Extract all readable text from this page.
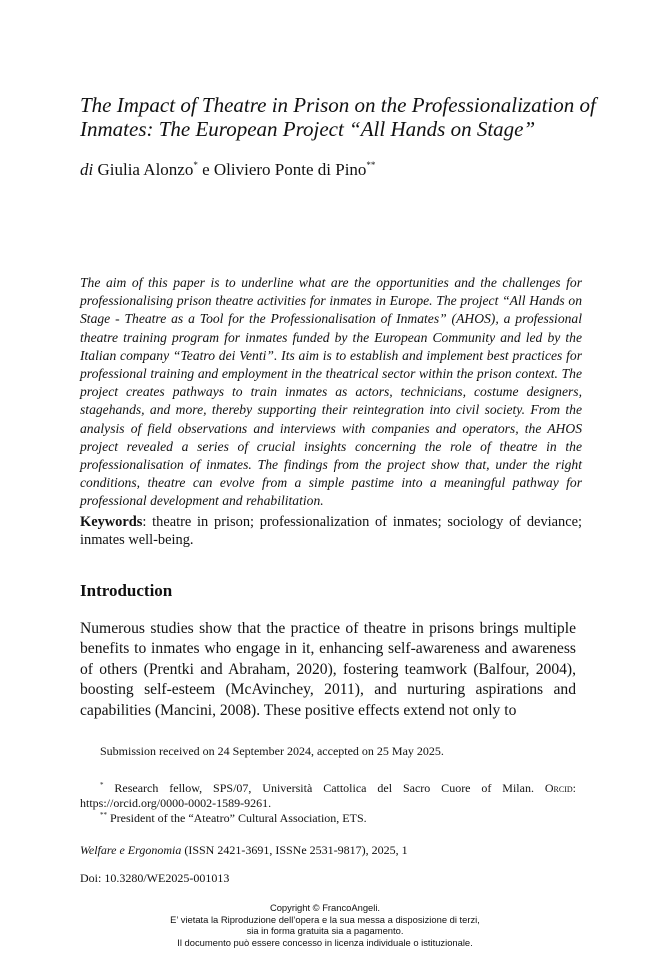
The Impact of Theatre in Prison on the Professionalization of Inmates: The European Project “All Hands on Stage”
di Giulia Alonzo* e Oliviero Ponte di Pino**

The aim of this paper is to underline what are the opportunities and the challenges for professionalising prison theatre activities for inmates in Europe. The project “All Hands on Stage - Theatre as a Tool for the Professionalisation of Inmates” (AHOS), a professional theatre training program for inmates funded by the European Community and led by the Italian company “Teatro dei Venti”. Its aim is to establish and implement best practices for professional training and employment in the theatrical sector within the prison context. The project creates pathways to train inmates as actors, technicians, costume designers, stagehands, and more, thereby supporting their reintegration into civil society. From the analysis of field observations and interviews with companies and operators, the AHOS project revealed a series of crucial insights concerning the role of theatre in the professionalisation of inmates. The findings from the project show that, under the right conditions, theatre can evolve from a simple pastime into a meaningful pathway for professional development and rehabilitation.

Keywords: theatre in prison; professionalization of inmates; sociology of deviance; inmates well-being.

Introduction

Numerous studies show that the practice of theatre in prisons brings multiple benefits to inmates who engage in it, enhancing self-awareness and awareness of others (Prentki and Abraham, 2020), fostering teamwork (Balfour, 2004), boosting self-esteem (McAvinchey, 2011), and nurturing aspirations and capabilities (Mancini, 2008). These positive effects extend not only to

Submission received on 24 September 2024, accepted on 25 May 2025.

* Research fellow, SPS/07, Università Cattolica del Sacro Cuore of Milan. Orcid: https://orcid.org/0000-0002-1589-9261.

** President of the “Ateatro” Cultural Association, ETS.

Welfare e Ergonomia (ISSN 2421-3691, ISSNe 2531-9817), 2025, 1

Doi: 10.3280/WE2025-001013

Copyright © FrancoAngeli.
E’ vietata la Riproduzione dell’opera e la sua messa a disposizione di terzi,
sia in forma gratuita sia a pagamento.
Il documento può essere concesso in licenza individuale o istituzionale.
